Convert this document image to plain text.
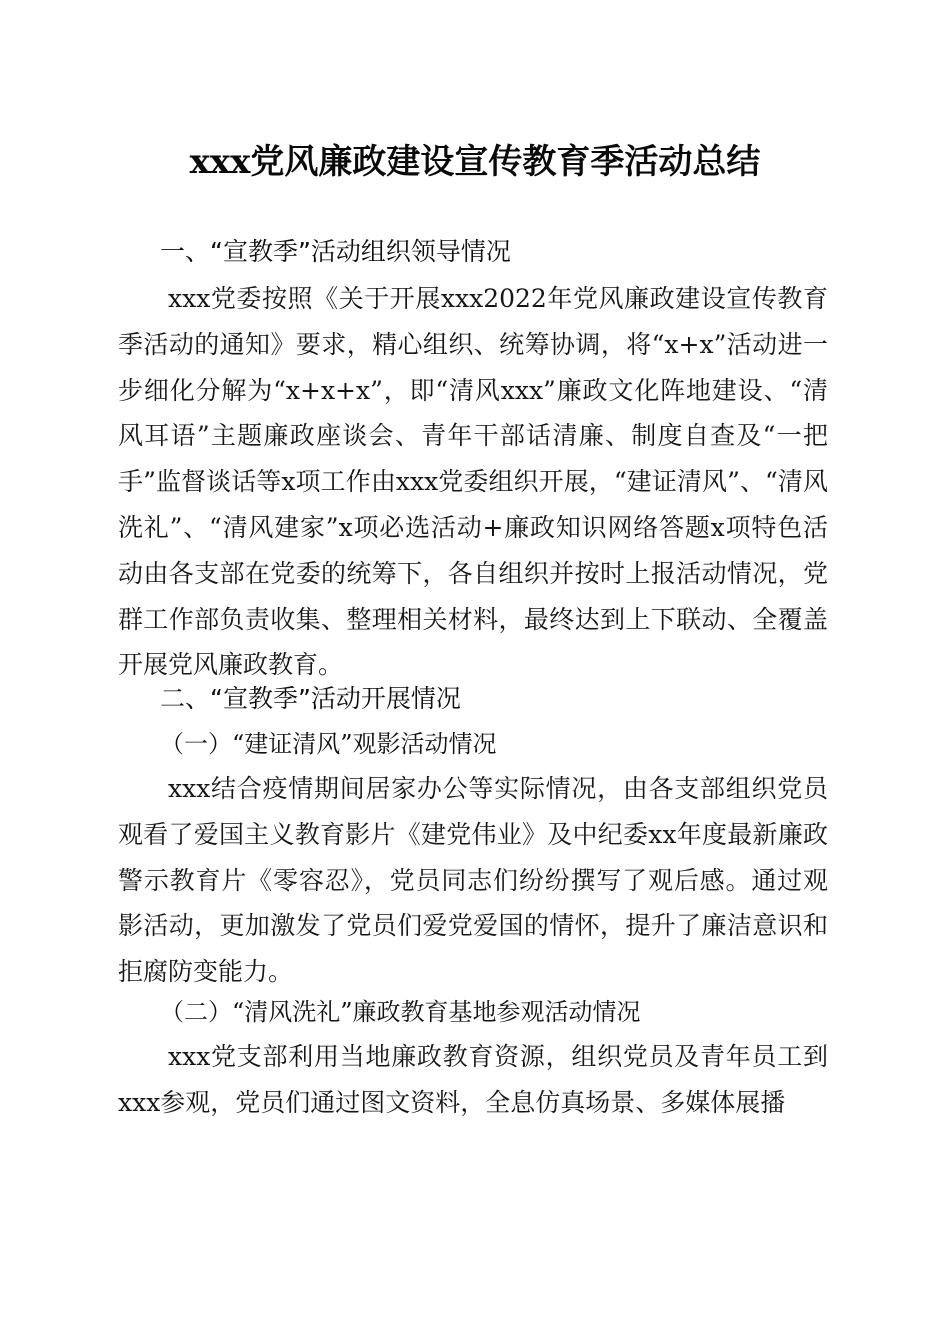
xxx党风廉政建设宣传教育季活动总结
一、“宣教季”活动组织领导情况

xxx党委按照《关于开展xxx2022年党风廉政建设宣传教育季活动的通知》要求，精心组织、统筹协调，将“x+x”活动进一步细化分解为“x+x+x”，即“清风xxx”廉政文化阵地建设、“清风耳语”主题廉政座谈会、青年干部话清廉、制度自查及“一把手”监督谈话等x项工作由xxx党委组织开展，“建证清风”、“清风洗礼”、“清风建家”x项必选活动+廉政知识网络答题x项特色活动由各支部在党委的统筹下，各自组织并按时上报活动情况，党群工作部负责收集、整理相关材料，最终达到上下联动、全覆盖开展党风廉政教育。

二、“宣教季”活动开展情况
（一）“建证清风”观影活动情况

xxx结合疫情期间居家办公等实际情况，由各支部组织党员观看了爱国主义教育影片《建党伟业》及中纪委xx年度最新廉政警示教育片《零容忍》，党员同志们纷纷撰写了观后感。通过观影活动，更加激发了党员们爱党爱国的情怀，提升了廉洁意识和拒腐防变能力。

（二）“清风洗礼”廉政教育基地参观活动情况

xxx党支部利用当地廉政教育资源，组织党员及青年员工到xxx参观，党员们通过图文资料，全息仿真场景、多媒体展播
